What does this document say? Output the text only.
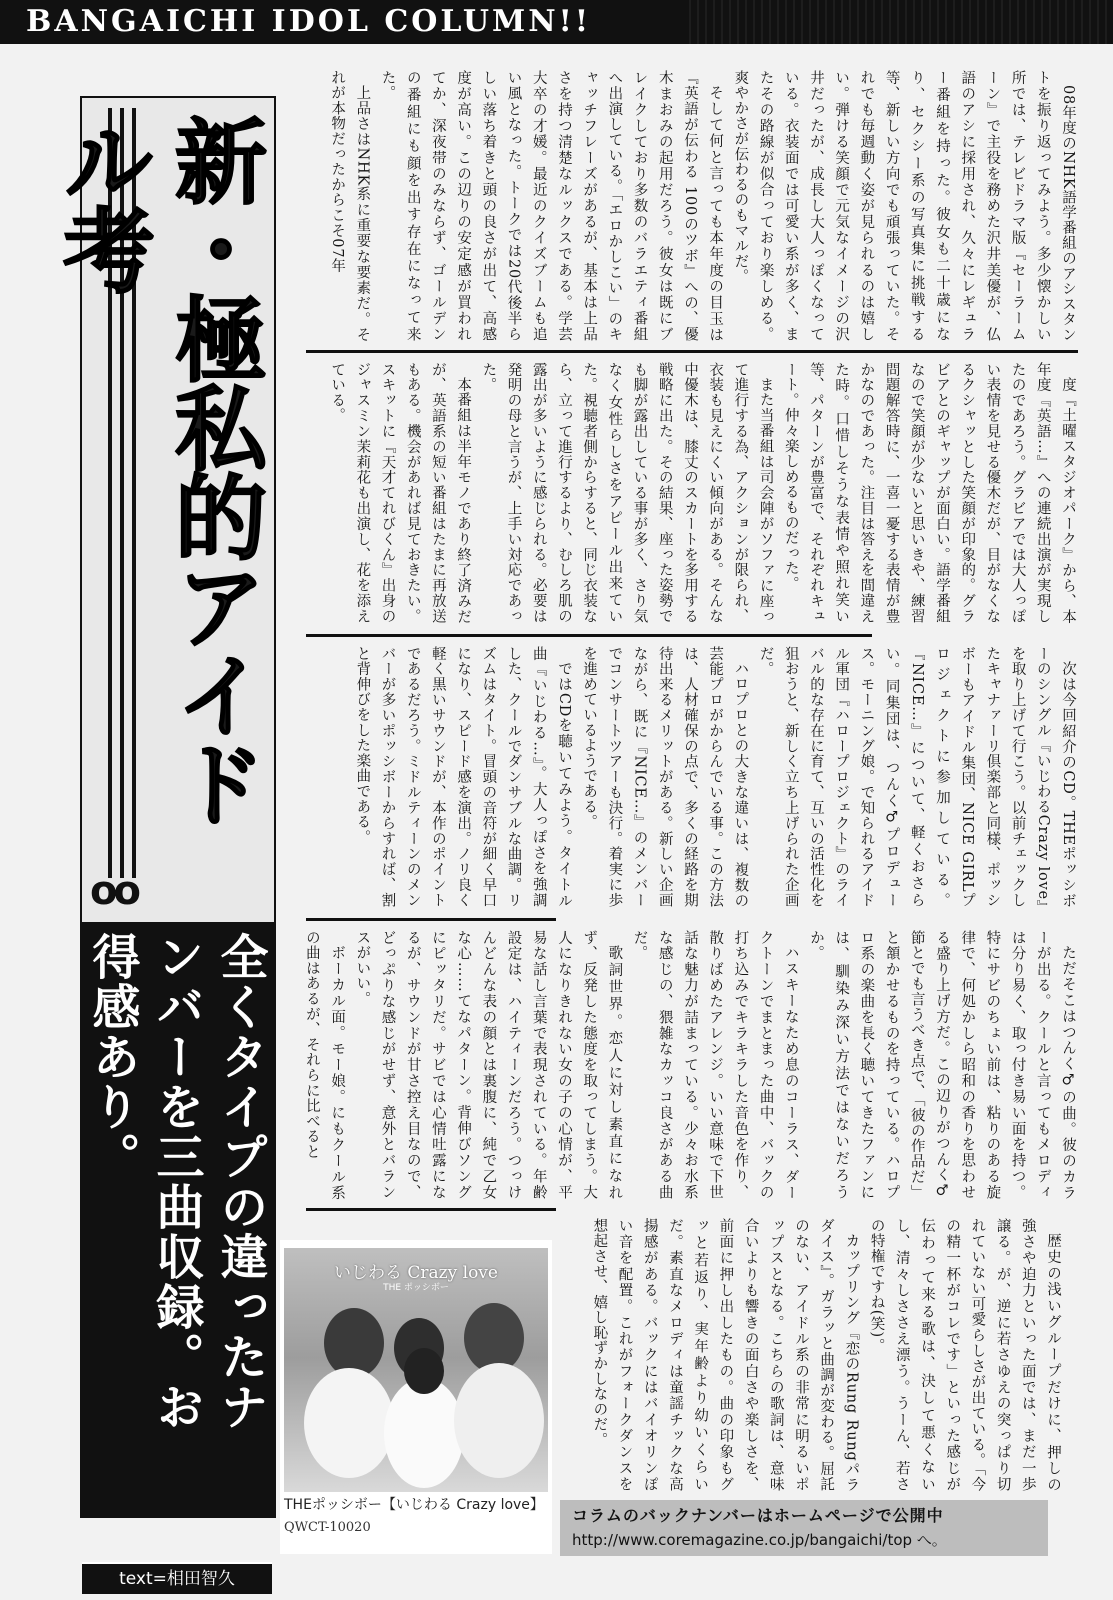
BANGAICHI IDOL COLUMN!!
oo
新・極私的アイドル考
全くタイプの違ったナンバーを三曲収録。お得感あり。
text=相田智久

08年度のNHK語学番組のアシスタントを振り返ってみよう。多少懐かしい所では、テレビドラマ版『セーラームーン』で主役を務めた沢井美優が、仏語のアシに採用され、久々にレギュラー番組を持った。彼女も二十歳になり、セクシー系の写真集に挑戦する等、新しい方向でも頑張っていた。それでも毎週動く姿が見られるのは嬉しい。弾ける笑顔で元気なイメージの沢井だったが、成長し大人っぽくなっている。衣装面では可愛い系が多く、またその路線が似合っており楽しめる。爽やかさが伝わるのもマルだ。

そして何と言っても本年度の目玉は『英語が伝わる 100のツボ』への、優木まおみの起用だろう。彼女は既にブレイクしており多数のバラエティ番組へ出演している。「エロかしこい」のキャッチフレーズがあるが、基本は上品さを持つ清楚なルックスである。学芸大卒の才媛。最近のクイズブームも追い風となった。トークでは20代後半らしい落ち着きと頭の良さが出て、高感度が高い。この辺りの安定感が買われてか、深夜帯のみならず、ゴールデンの番組にも顔を出す存在になって来た。

上品さはNHK系に重要な要素だ。それが本物だったからこそ07年

度『土曜スタジオパーク』から、本年度『英語…』への連続出演が実現したのであろう。グラビアでは大人っぽい表情を見せる優木だが、目がなくなるクシャッとした笑顔が印象的。グラビアとのギャップが面白い。語学番組なので笑顔が少ないと思いきや、練習問題解答時に、一喜一憂する表情が豊かなのであった。注目は答えを間違えた時。口惜しそうな表情や照れ笑い等、パターンが豊富で、それぞれキュート。仲々楽しめるものだった。

また当番組は司会陣がソファに座って進行する為、アクションが限られ、衣装も見えにくい傾向がある。そんな中優木は、膝丈のスカートを多用する戦略に出た。その結果、座った姿勢でも脚が露出している事が多く、さり気なく女性らしさをアピール出来ていた。視聴者側からすると、同じ衣装なら、立って進行するより、むしろ肌の露出が多いように感じられる。必要は発明の母と言うが、上手い対応であった。

本番組は半年モノであり終了済みだが、英語系の短い番組はたまに再放送もある。機会があれば見ておきたい。スキットに『天才てれびくん』出身のジャスミン茉莉花も出演し、花を添えている。

次は今回紹介のCD。THEポッシボーのシングル『いじわるCrazy love』を取り上げて行こう。以前チェックしたキャナァーリ倶楽部と同様、ポッシボーもアイドル集団、NICE GIRLプロジェクトに参加している。『NICE…』について、軽くおさらい。同集団は、つんく♂プロデュース。モーニング娘。で知られるアイドル軍団『ハロープロジェクト』のライバル的な存在に育て、互いの活性化を狙おうと、新しく立ち上げられた企画だ。

ハロプロとの大きな違いは、複数の芸能プロがからんでいる事。この方法は、人材確保の点で、多くの経路を期待出来るメリットがある。新しい企画ながら、既に『NICE…』のメンバーでコンサートツアーも決行。着実に歩を進めているようである。

ではCDを聴いてみよう。タイトル曲『いじわる…』。大人っぽさを強調した、クールでダンサブルな曲調。リズムはタイト。冒頭の音符が細く早口になり、スピード感を演出。ノリ良く軽く黒いサウンドが、本作のポイントであるだろう。ミドルティーンのメンバーが多いポッシボーからすれば、割と背伸びをした楽曲である。

ただそこはつんく♂の曲。彼のカラーが出る。クールと言ってもメロディは分り易く、取っ付き易い面を持つ。特にサビのちょい前は、粘りのある旋律で、何処かしら昭和の香りを思わせる盛り上げ方だ。この辺りがつんく♂節とでも言うべき点で、「彼の作品だ」と頷かせるものを持っている。ハロプロ系の楽曲を長く聴いてきたファンには、馴染み深い方法ではないだろうか。

ハスキーなため息のコーラス、ダークトーンでまとまった曲中、バックの打ち込みでキラキラした音色を作り、散りばめたアレンジ。いい意味で下世話な魅力が詰まっている。少々お水系な感じの、猥雑なカッコ良さがある曲だ。

歌詞世界。恋人に対し素直になれず、反発した態度を取ってしまう。大人になりきれない女の子の心情が、平易な話し言葉で表現されている。年齢設定は、ハイティーンだろう。つっけんどんな表の顔とは裏腹に、純で乙女な心……てなパターン。背伸びソングにピッタリだ。サビでは心情吐露になるが、サウンドが甘さ控え目なので、どっぷりな感じがせず、意外とバランスがいい。

ボーカル面。モー娘。にもクール系の曲はあるが、それらに比べると

歴史の浅いグループだけに、押しの強さや迫力といった面では、まだ一歩譲る。が、逆に若さゆえの突っぱり切れていない可愛らしさが出ている。「今の精一杯がコレです」といった感じが伝わって来る歌は、決して悪くないし、清々しささえ漂う。うーん、若さの特権ですね(笑)。

カップリング『恋のRung Rungパラダイス』。ガラッと曲調が変わる。屈託のない、アイドル系の非常に明るいポップスとなる。こちらの歌詞は、意味合いよりも響きの面白さや楽しさを、前面に押し出したもの。曲の印象もグッと若返り、実年齢より幼いくらいだ。素直なメロディは童謡チックな高揚感がある。バックにはバイオリンぽい音を配置。これがフォークダンスを想起させ、嬉し恥ずかしなのだ。

いじわる Crazy love
THE ポッシボー
THEポッシボー【いじわる Crazy love】
QWCT-10020
コラムのバックナンバーはホームページで公開中
http://www.coremagazine.co.jp/bangaichi/top へ。
